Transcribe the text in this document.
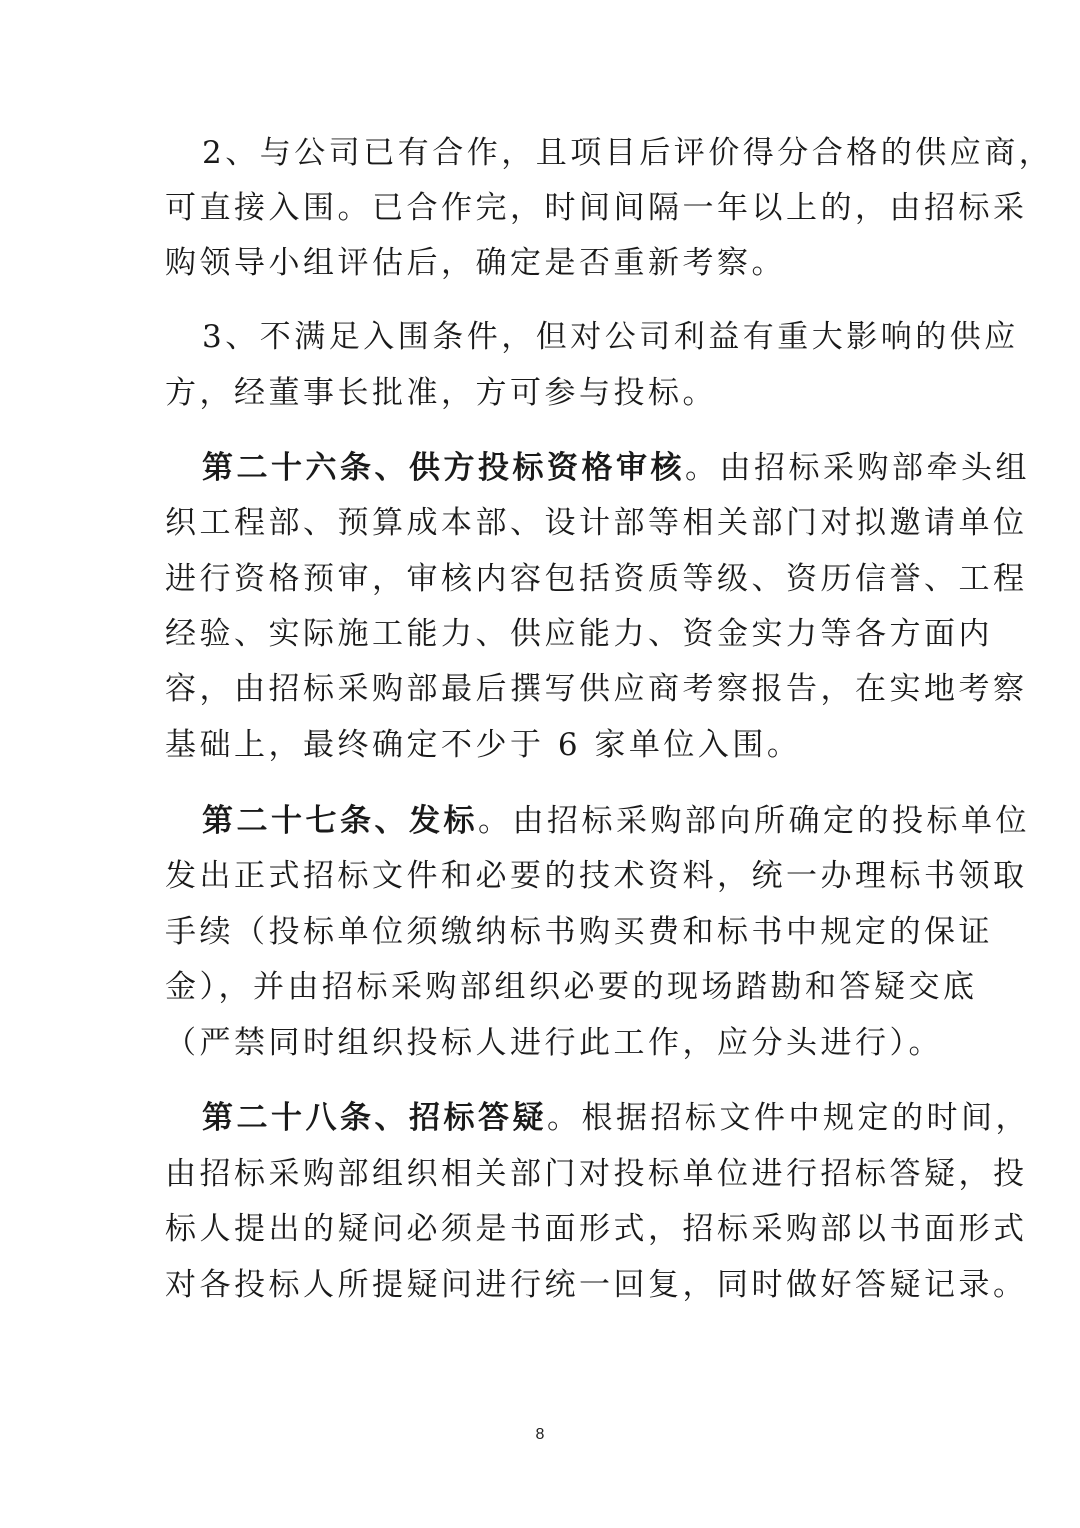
2、与公司已有合作，且项目后评价得分合格的供应商，
可直接入围。已合作完，时间间隔一年以上的，由招标采
购领导小组评估后，确定是否重新考察。
3、不满足入围条件，但对公司利益有重大影响的供应
方，经董事长批准，方可参与投标。
第二十六条、供方投标资格审核。由招标采购部牵头组
织工程部、预算成本部、设计部等相关部门对拟邀请单位
进行资格预审，审核内容包括资质等级、资历信誉、工程
经验、实际施工能力、供应能力、资金实力等各方面内
容，由招标采购部最后撰写供应商考察报告，在实地考察
基础上，最终确定不少于 6 家单位入围。
第二十七条、发标。由招标采购部向所确定的投标单位
发出正式招标文件和必要的技术资料，统一办理标书领取
手续（投标单位须缴纳标书购买费和标书中规定的保证
金），并由招标采购部组织必要的现场踏勘和答疑交底
（严禁同时组织投标人进行此工作，应分头进行）。
第二十八条、招标答疑。根据招标文件中规定的时间，
由招标采购部组织相关部门对投标单位进行招标答疑，投
标人提出的疑问必须是书面形式，招标采购部以书面形式
对各投标人所提疑问进行统一回复，同时做好答疑记录。
8
